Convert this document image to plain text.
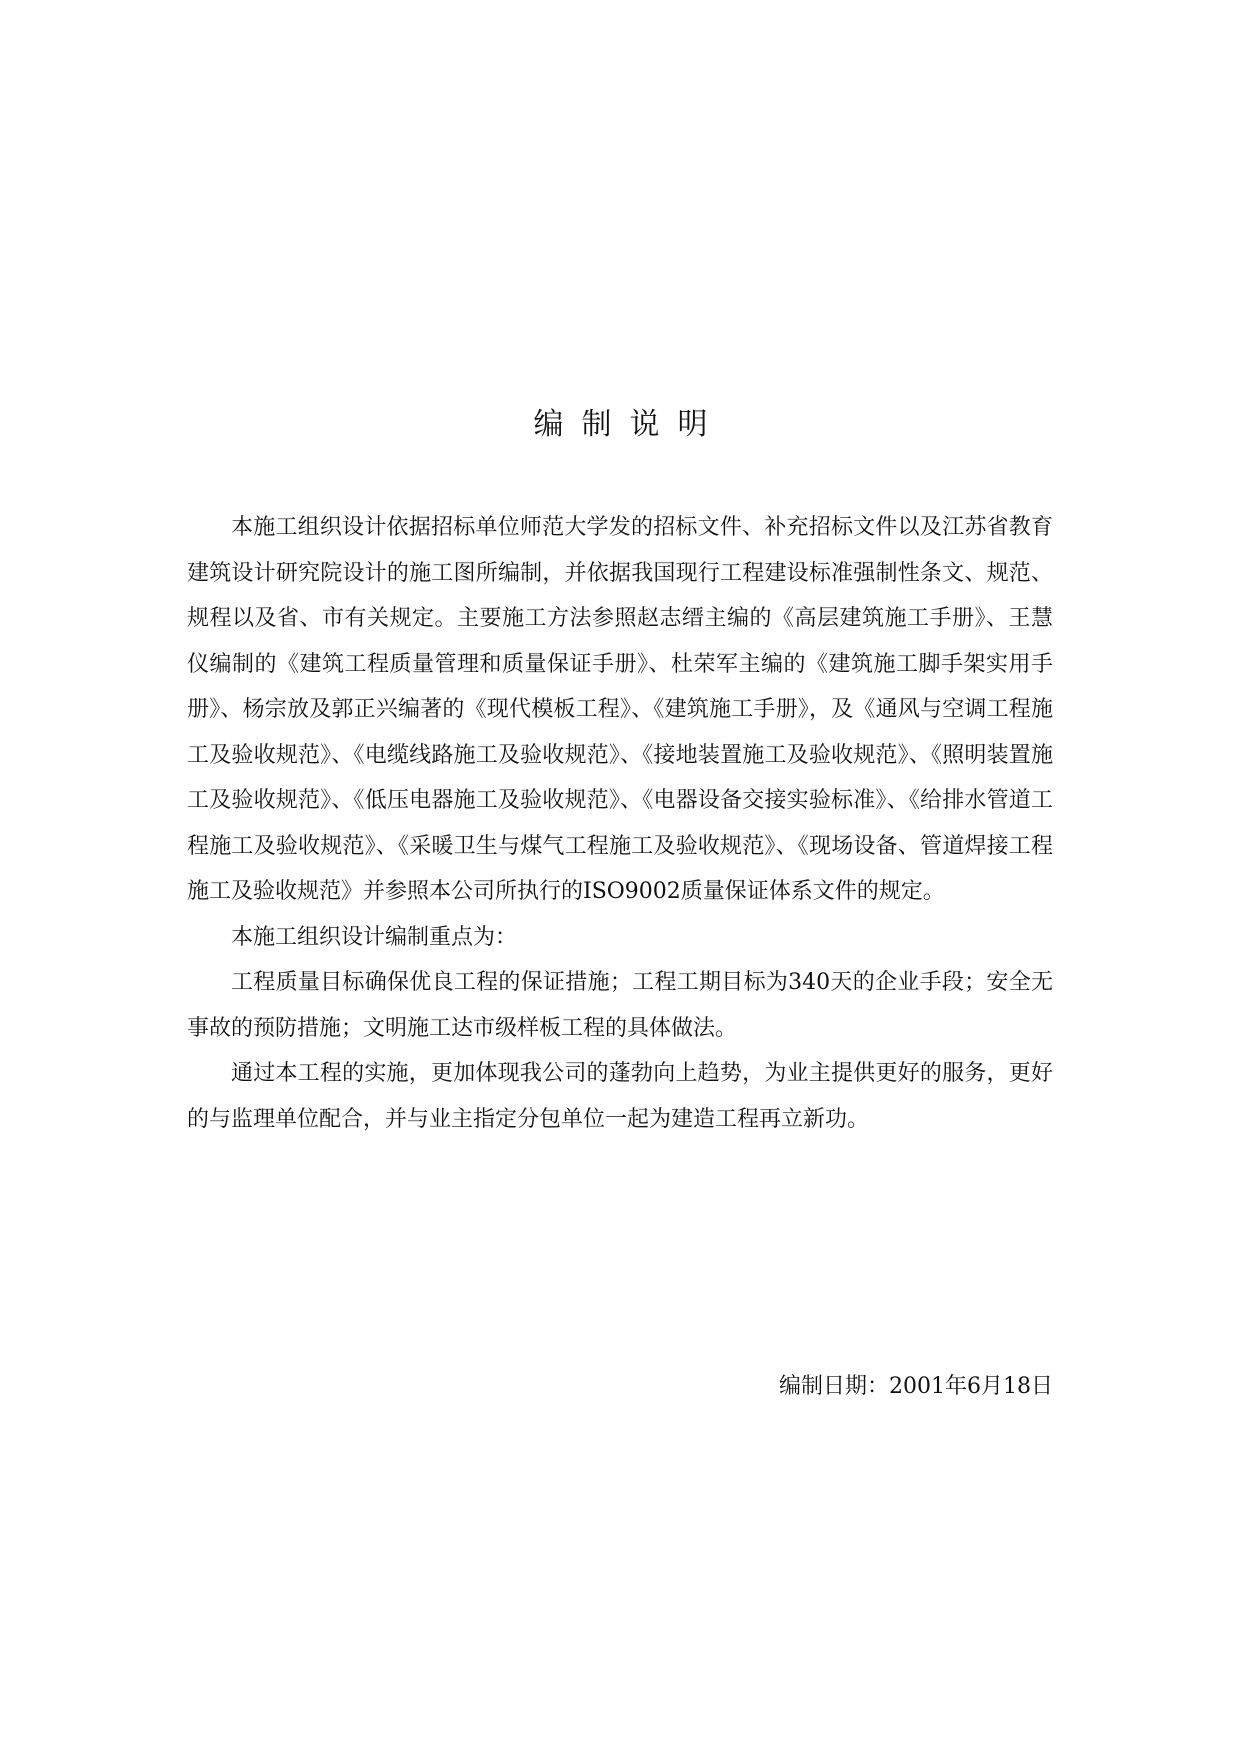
编制说明

本施工组织设计依据招标单位师范大学发的招标文件、补充招标文件以及江苏省教育建筑设计研究院设计的施工图所编制，并依据我国现行工程建设标准强制性条文、规范、规程以及省、市有关规定。主要施工方法参照赵志缙主编的《高层建筑施工手册》、王慧仪编制的《建筑工程质量管理和质量保证手册》、杜荣军主编的《建筑施工脚手架实用手册》、杨宗放及郭正兴编著的《现代模板工程》、《建筑施工手册》，及《通风与空调工程施工及验收规范》、《电缆线路施工及验收规范》、《接地装置施工及验收规范》、《照明装置施工及验收规范》、《低压电器施工及验收规范》、《电器设备交接实验标准》、《给排水管道工程施工及验收规范》、《采暖卫生与煤气工程施工及验收规范》、《现场设备、管道焊接工程施工及验收规范》并参照本公司所执行的ISO9002质量保证体系文件的规定。

本施工组织设计编制重点为：

工程质量目标确保优良工程的保证措施；工程工期目标为340天的企业手段；安全无事故的预防措施；文明施工达市级样板工程的具体做法。

通过本工程的实施，更加体现我公司的蓬勃向上趋势，为业主提供更好的服务，更好的与监理单位配合，并与业主指定分包单位一起为建造工程再立新功。

编制日期：2001年6月18日
